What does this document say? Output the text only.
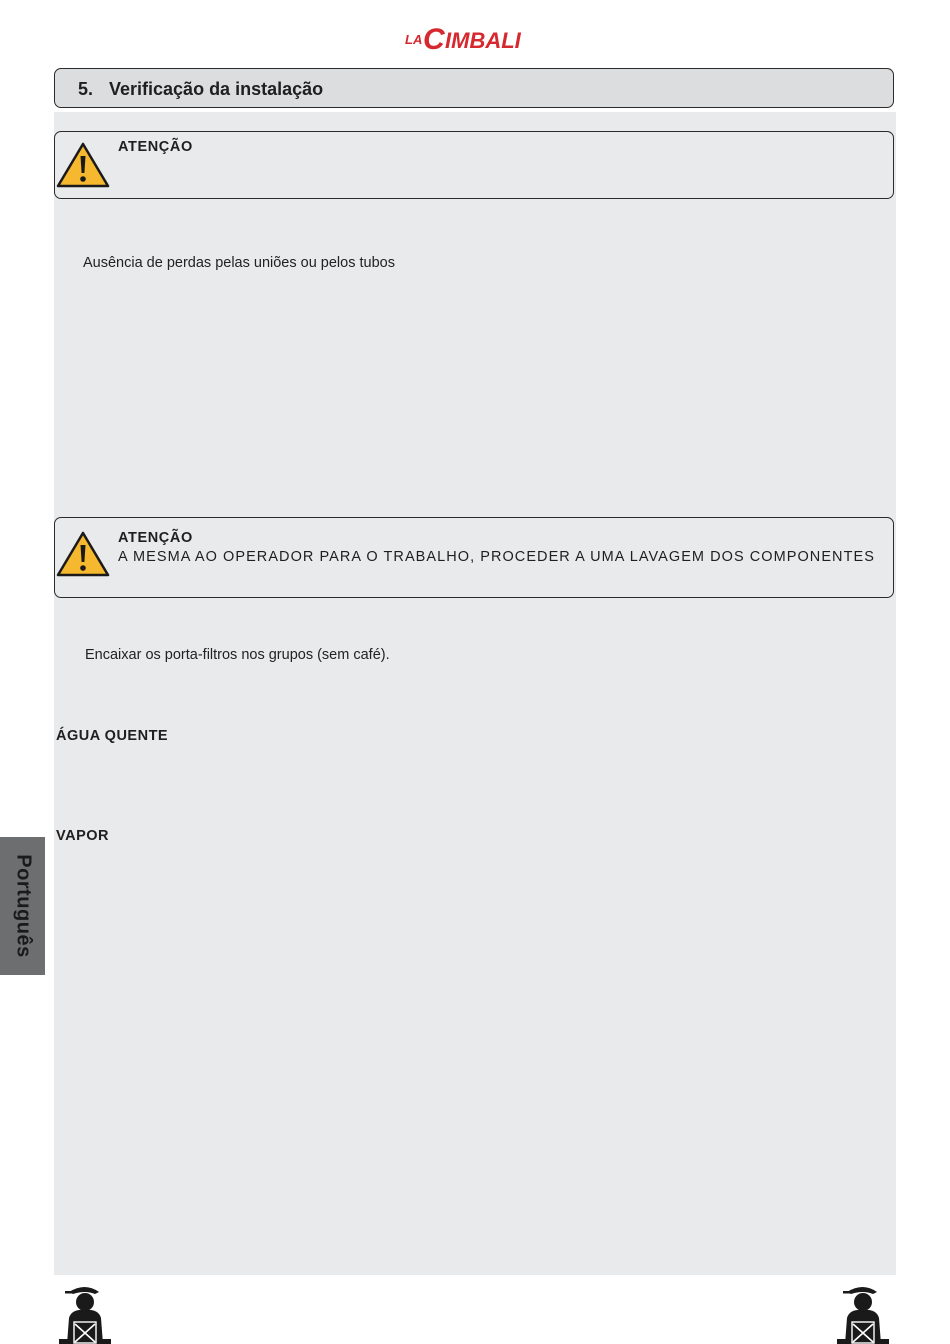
LA C IMBALI
5. Verificação da instalação
ATENÇÃO
Ausência de perdas pelas uniões ou pelos tubos
ATENÇÃO
A MESMA AO OPERADOR PARA O TRABALHO, PROCEDER A UMA LAVAGEM DOS COMPONENTES
Encaixar os porta-filtros nos grupos (sem café).
ÁGUA QUENTE
VAPOR
Português
